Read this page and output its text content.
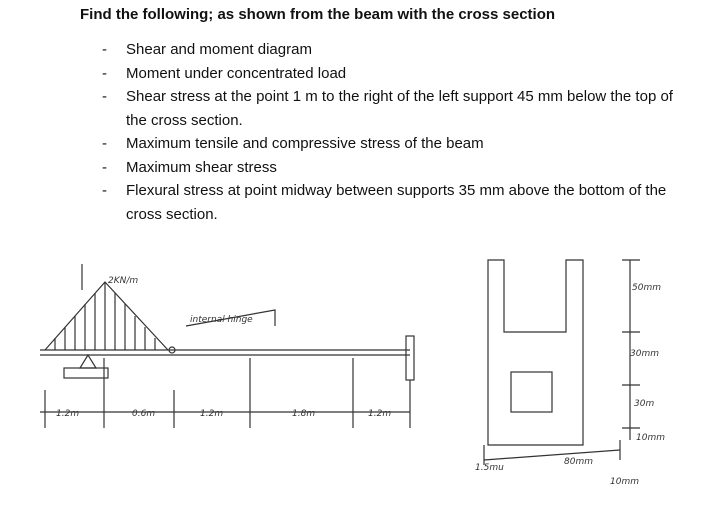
Find the following; as shown from the beam with the cross section
- Shear and moment diagram
- Moment under concentrated load
- Shear stress at the point 1 m to the right of the left support 45 mm below the top of the cross section.
- Maximum tensile and compressive stress of the beam
- Maximum shear stress
- Flexural stress at point midway between supports 35 mm above the bottom of the cross section.
2KN/m
internal hinge
1.2m	0.6m	1.2m	1.8m	1.2m
50mm
30mm
30m
10mm
80mm
1.5mu
10mm
